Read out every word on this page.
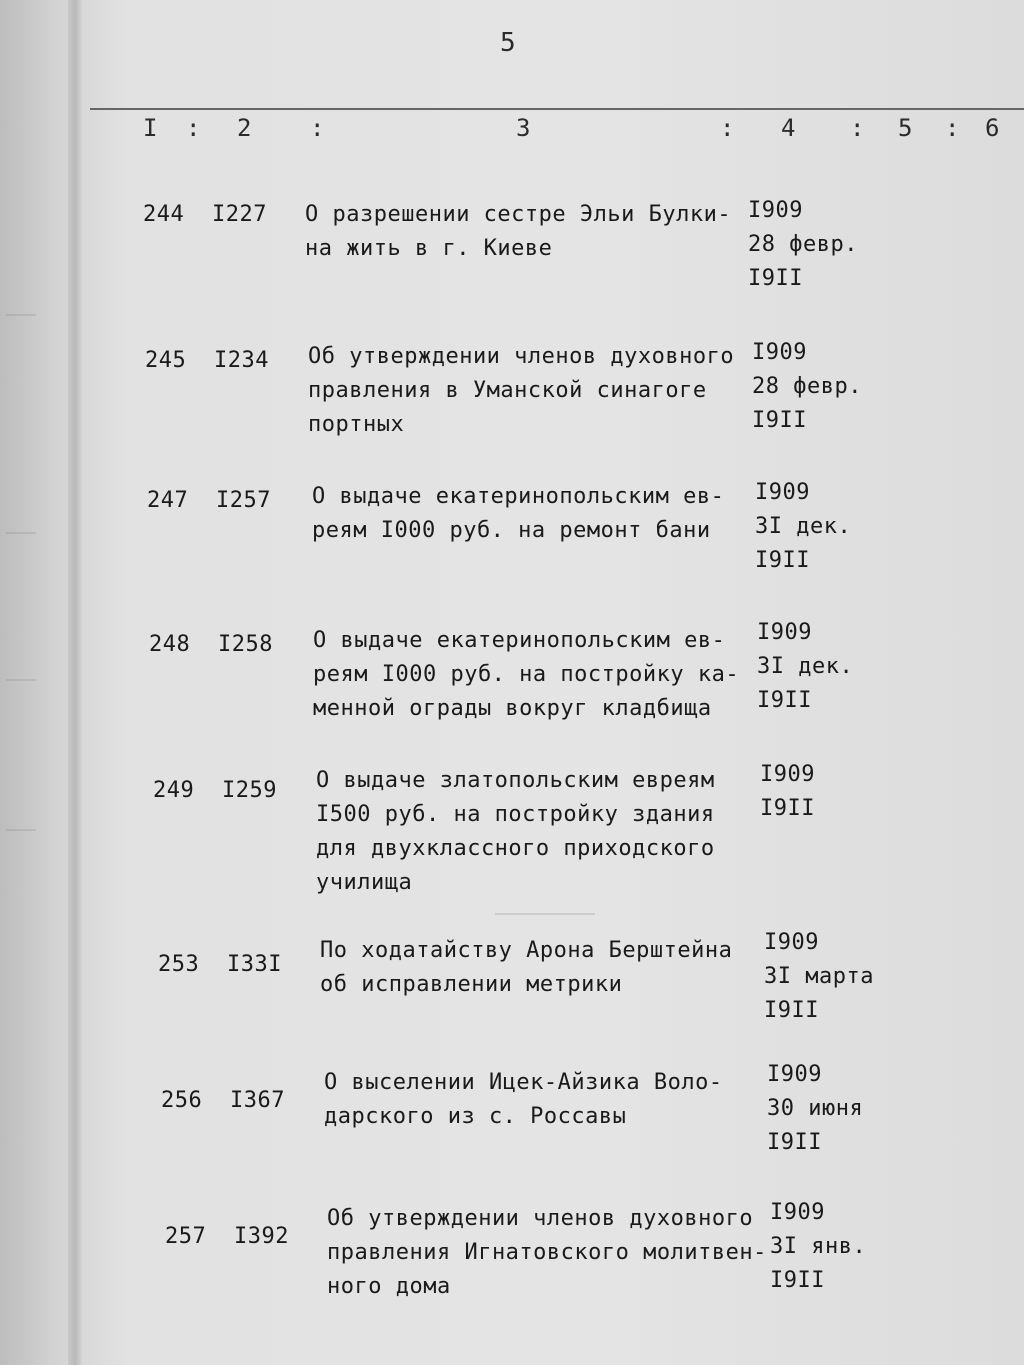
5
I : 2 :	3	: 4 : 5 : 6
244 I227 О разрешении сестре Эльи Булки-
на жить в г. Киеве
I909
28 февр.
I9II
245 I234 Об утверждении членов духовного
правления в Уманской синагоге
портных
I909
28 февр.
I9II
247 I257 О выдаче екатеринопольским ев-
реям I000 руб. на ремонт бани
I909
3I дек.
I9II
248 I258 О выдаче екатеринопольским ев-
реям I000 руб. на постройку ка-
менной ограды вокруг кладбища
I909
3I дек.
I9II
249 I259 О выдаче златопольским евреям
I500 руб. на постройку здания
для двухклассного приходского
училища
I909
I9II
253 I33I
По ходатайству Арона Берштейна
об исправлении метрики
I909
3I марта
I9II
256 I367
О выселении Ицек-Айзика Воло-
дарского из с. Россавы
I909
30 июня
I9II
257 I392
Об утверждении членов духовного
правления Игнатовского молитвен-
ного дома
I909
3I янв.
I9II
